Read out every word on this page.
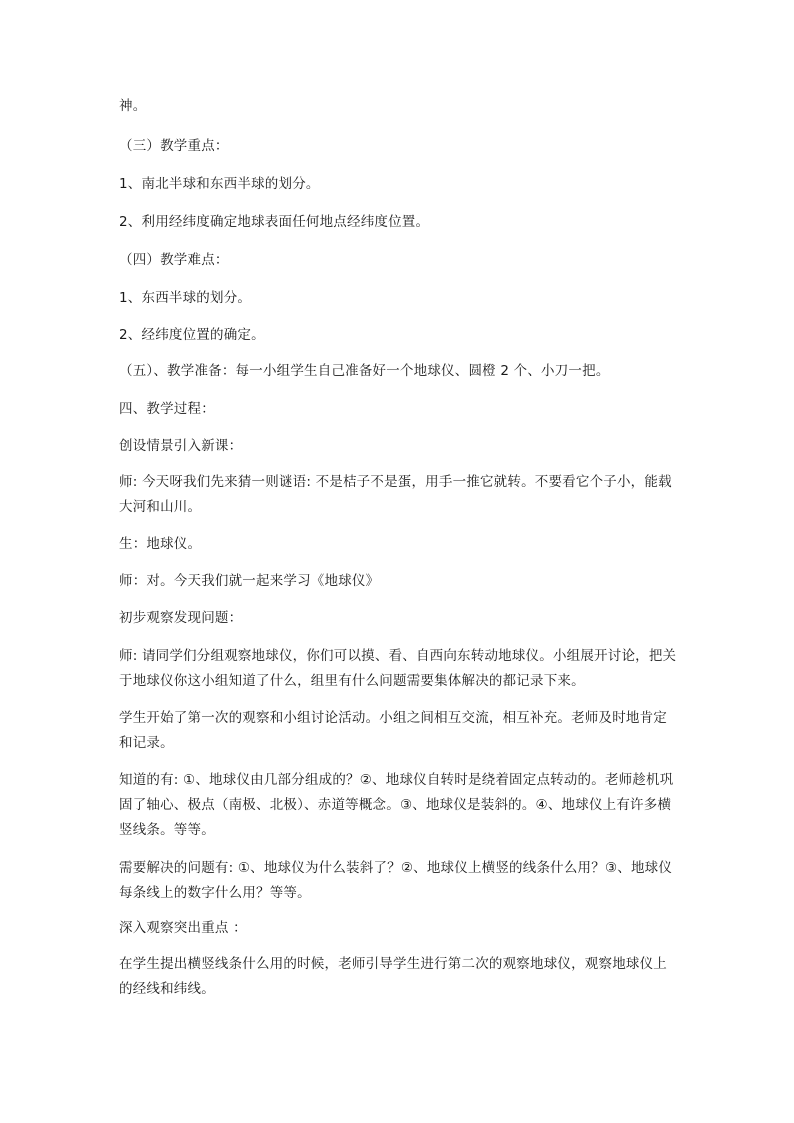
神。

（三）教学重点：

1、南北半球和东西半球的划分。

2、利用经纬度确定地球表面任何地点经纬度位置。

（四）教学难点：

1、东西半球的划分。

2、经纬度位置的确定。

（五）、教学准备：每一小组学生自己准备好一个地球仪、圆橙 2 个、小刀一把。

四、教学过程：

创设情景引入新课：

师: 今天呀我们先来猜一则谜语: 不是桔子不是蛋，用手一推它就转。不要看它个子小，能载大河和山川。

生：地球仪。

师：对。今天我们就一起来学习《地球仪》

初步观察发现问题：

师: 请同学们分组观察地球仪，你们可以摸、看、自西向东转动地球仪。小组展开讨论，把关于地球仪你这小组知道了什么，组里有什么问题需要集体解决的都记录下来。

学生开始了第一次的观察和小组讨论活动。小组之间相互交流，相互补充。老师及时地肯定和记录。

知道的有: ①、地球仪由几部分组成的？②、地球仪自转时是绕着固定点转动的。老师趁机巩固了轴心、极点（南极、北极）、赤道等概念。③、地球仪是装斜的。④、地球仪上有许多横竖线条。等等。

需要解决的问题有: ①、地球仪为什么装斜了？②、地球仪上横竖的线条什么用？③、地球仪每条线上的数字什么用？等等。

深入观察突出重点 ：

在学生提出横竖线条什么用的时候，老师引导学生进行第二次的观察地球仪，观察地球仪上的经线和纬线。
